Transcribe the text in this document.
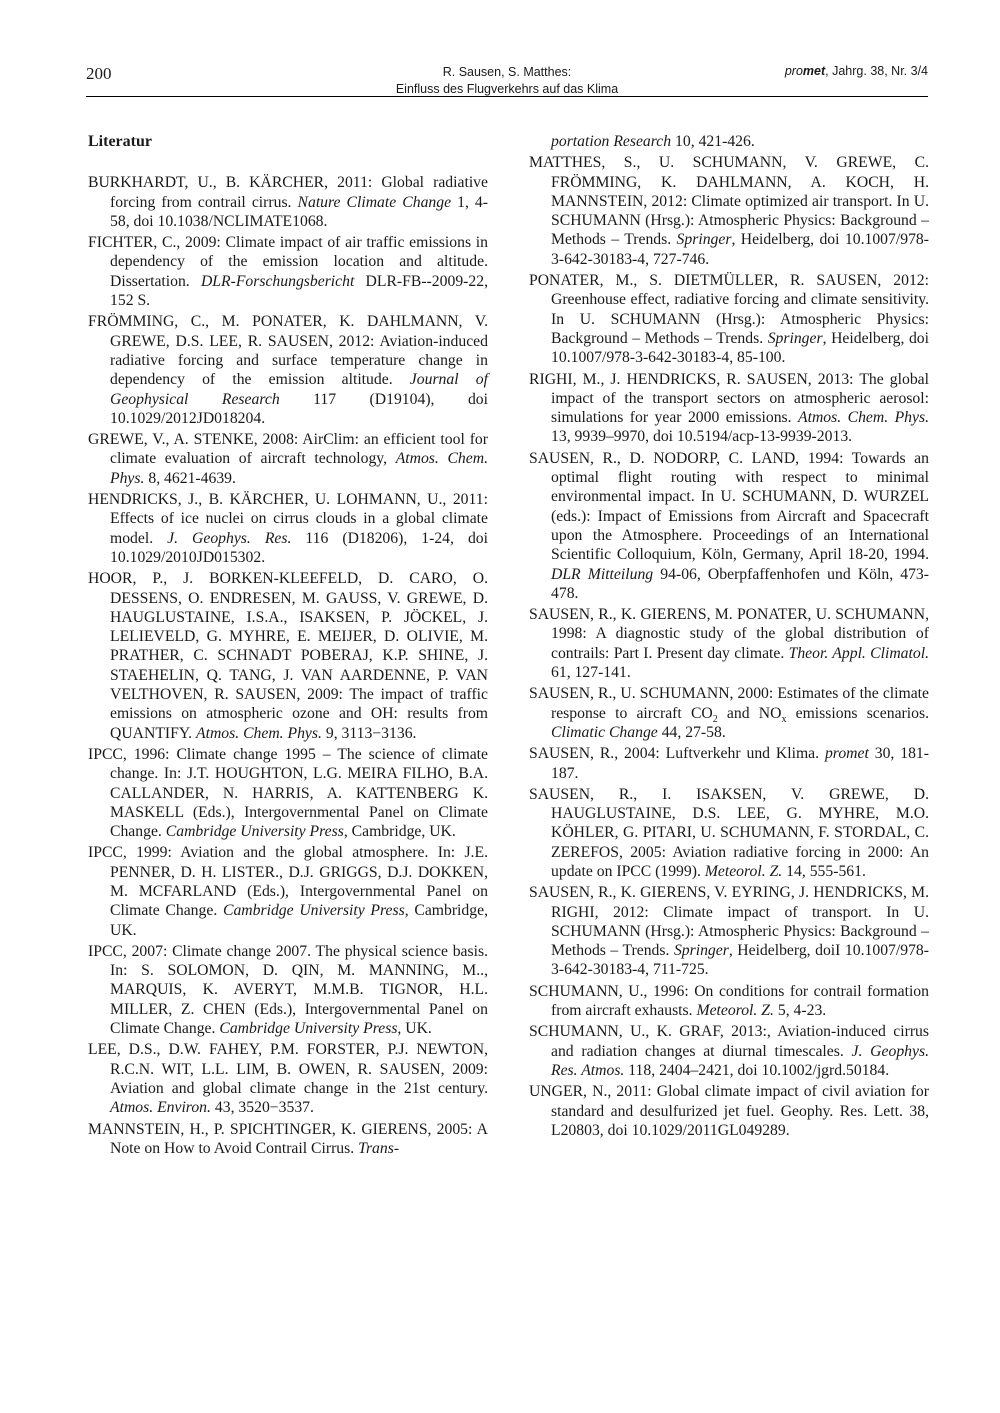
200	R. Sausen, S. Matthes:
Einfluss des Flugverkehrs auf das Klima
promet, Jahrg. 38, Nr. 3/4
Literatur
BURKHARDT, U., B. KÄRCHER, 2011: Global radiative forcing from contrail cirrus. Nature Climate Change 1, 4-58, doi 10.1038/NCLIMATE1068.
FICHTER, C., 2009: Climate impact of air traffic emissions in dependency of the emission location and altitude. Dissertation. DLR-Forschungsbericht DLR-FB--2009-22, 152 S.
FRÖMMING, C., M. PONATER, K. DAHLMANN, V. GREWE, D.S. LEE, R. SAUSEN, 2012: Aviation-induced radiative forcing and surface temperature change in dependency of the emission altitude. Journal of Geophysical Research 117 (D19104), doi 10.1029/2012JD018204.
GREWE, V., A. STENKE, 2008: AirClim: an efficient tool for climate evaluation of aircraft technology, Atmos. Chem. Phys. 8, 4621-4639.
HENDRICKS, J., B. KÄRCHER, U. LOHMANN, U., 2011: Effects of ice nuclei on cirrus clouds in a global climate model. J. Geophys. Res. 116 (D18206), 1-24, doi 10.1029/2010JD015302.
HOOR, P., J. BORKEN-KLEEFELD, D. CARO, O. DESSENS, O. ENDRESEN, M. GAUSS, V. GREWE, D. HAUGLUSTAINE, I.S.A., ISAKSEN, P. JÖCKEL, J. LELIEVELD, G. MYHRE, E. MEIJER, D. OLIVIE, M. PRATHER, C. SCHNADT POBERAJ, K.P. SHINE, J. STAEHELIN, Q. TANG, J. VAN AARDENNE, P. VAN VELTHOVEN, R. SAUSEN, 2009: The impact of traffic emissions on atmospheric ozone and OH: results from QUANTIFY. Atmos. Chem. Phys. 9, 3113−3136.
IPCC, 1996: Climate change 1995 – The science of climate change. In: J.T. HOUGHTON, L.G. MEIRA FILHO, B.A. CALLANDER, N. HARRIS, A. KATTENBERG K. MASKELL (Eds.), Intergovernmental Panel on Climate Change. Cambridge University Press, Cambridge, UK.
IPCC, 1999: Aviation and the global atmosphere. In: J.E. PENNER, D. H. LISTER., D.J. GRIGGS, D.J. DOKKEN, M. MCFARLAND (Eds.), Intergovernmental Panel on Climate Change. Cambridge University Press, Cambridge, UK.
IPCC, 2007: Climate change 2007. The physical science basis. In: S. SOLOMON, D. QIN, M. MANNING, M.., MARQUIS, K. AVERYT, M.M.B. TIGNOR, H.L. MILLER, Z. CHEN (Eds.), Intergovernmental Panel on Climate Change. Cambridge University Press, UK.
LEE, D.S., D.W. FAHEY, P.M. FORSTER, P.J. NEWTON, R.C.N. WIT, L.L. LIM, B. OWEN, R. SAUSEN, 2009: Aviation and global climate change in the 21st century. Atmos. Environ. 43, 3520−3537.
MANNSTEIN, H., P. SPICHTINGER, K. GIERENS, 2005: A Note on How to Avoid Contrail Cirrus. Trans-
portation Research 10, 421-426.
MATTHES, S., U. SCHUMANN, V. GREWE, C. FRÖMMING, K. DAHLMANN, A. KOCH, H. MANNSTEIN, 2012: Climate optimized air transport. In U. SCHUMANN (Hrsg.): Atmospheric Physics: Background – Methods – Trends. Springer, Heidelberg, doi 10.1007/978-3-642-30183-4, 727-746.
PONATER, M., S. DIETMÜLLER, R. SAUSEN, 2012: Greenhouse effect, radiative forcing and climate sensitivity. In U. SCHUMANN (Hrsg.): Atmospheric Physics: Background – Methods – Trends. Springer, Heidelberg, doi 10.1007/978-3-642-30183-4, 85-100.
RIGHI, M., J. HENDRICKS, R. SAUSEN, 2013: The global impact of the transport sectors on atmospheric aerosol: simulations for year 2000 emissions. Atmos. Chem. Phys. 13, 9939–9970, doi 10.5194/acp-13-9939-2013.
SAUSEN, R., D. NODORP, C. LAND, 1994: Towards an optimal flight routing with respect to minimal environmental impact. In U. SCHUMANN, D. WURZEL (eds.): Impact of Emissions from Aircraft and Spacecraft upon the Atmosphere. Proceedings of an International Scientific Colloquium, Köln, Germany, April 18-20, 1994. DLR Mitteilung 94-06, Oberpfaffenhofen und Köln, 473-478.
SAUSEN, R., K. GIERENS, M. PONATER, U. SCHUMANN, 1998: A diagnostic study of the global distribution of contrails: Part I. Present day climate. Theor. Appl. Climatol. 61, 127-141.
SAUSEN, R., U. SCHUMANN, 2000: Estimates of the climate response to aircraft $CO_2$ and $NO_x$ emissions scenarios. Climatic Change 44, 27-58.
SAUSEN, R., 2004: Luftverkehr und Klima. promet 30, 181-187.
SAUSEN, R., I. ISAKSEN, V. GREWE, D. HAUGLUSTAINE, D.S. LEE, G. MYHRE, M.O. KÖHLER, G. PITARI, U. SCHUMANN, F. STORDAL, C. ZEREFOS, 2005: Aviation radiative forcing in 2000: An update on IPCC (1999). Meteorol. Z. 14, 555-561.
SAUSEN, R., K. GIERENS, V. EYRING, J. HENDRICKS, M. RIGHI, 2012: Climate impact of transport. In U. SCHUMANN (Hrsg.): Atmospheric Physics: Background – Methods – Trends. Springer, Heidelberg, doiI 10.1007/978-3-642-30183-4, 711-725.
SCHUMANN, U., 1996: On conditions for contrail formation from aircraft exhausts. Meteorol. Z. 5, 4-23.
SCHUMANN, U., K. GRAF, 2013:, Aviation-induced cirrus and radiation changes at diurnal timescales. J. Geophys. Res. Atmos. 118, 2404–2421, doi 10.1002/jgrd.50184.
UNGER, N., 2011: Global climate impact of civil aviation for standard and desulfurized jet fuel. Geophy. Res. Lett. 38, L20803, doi 10.1029/2011GL049289.
